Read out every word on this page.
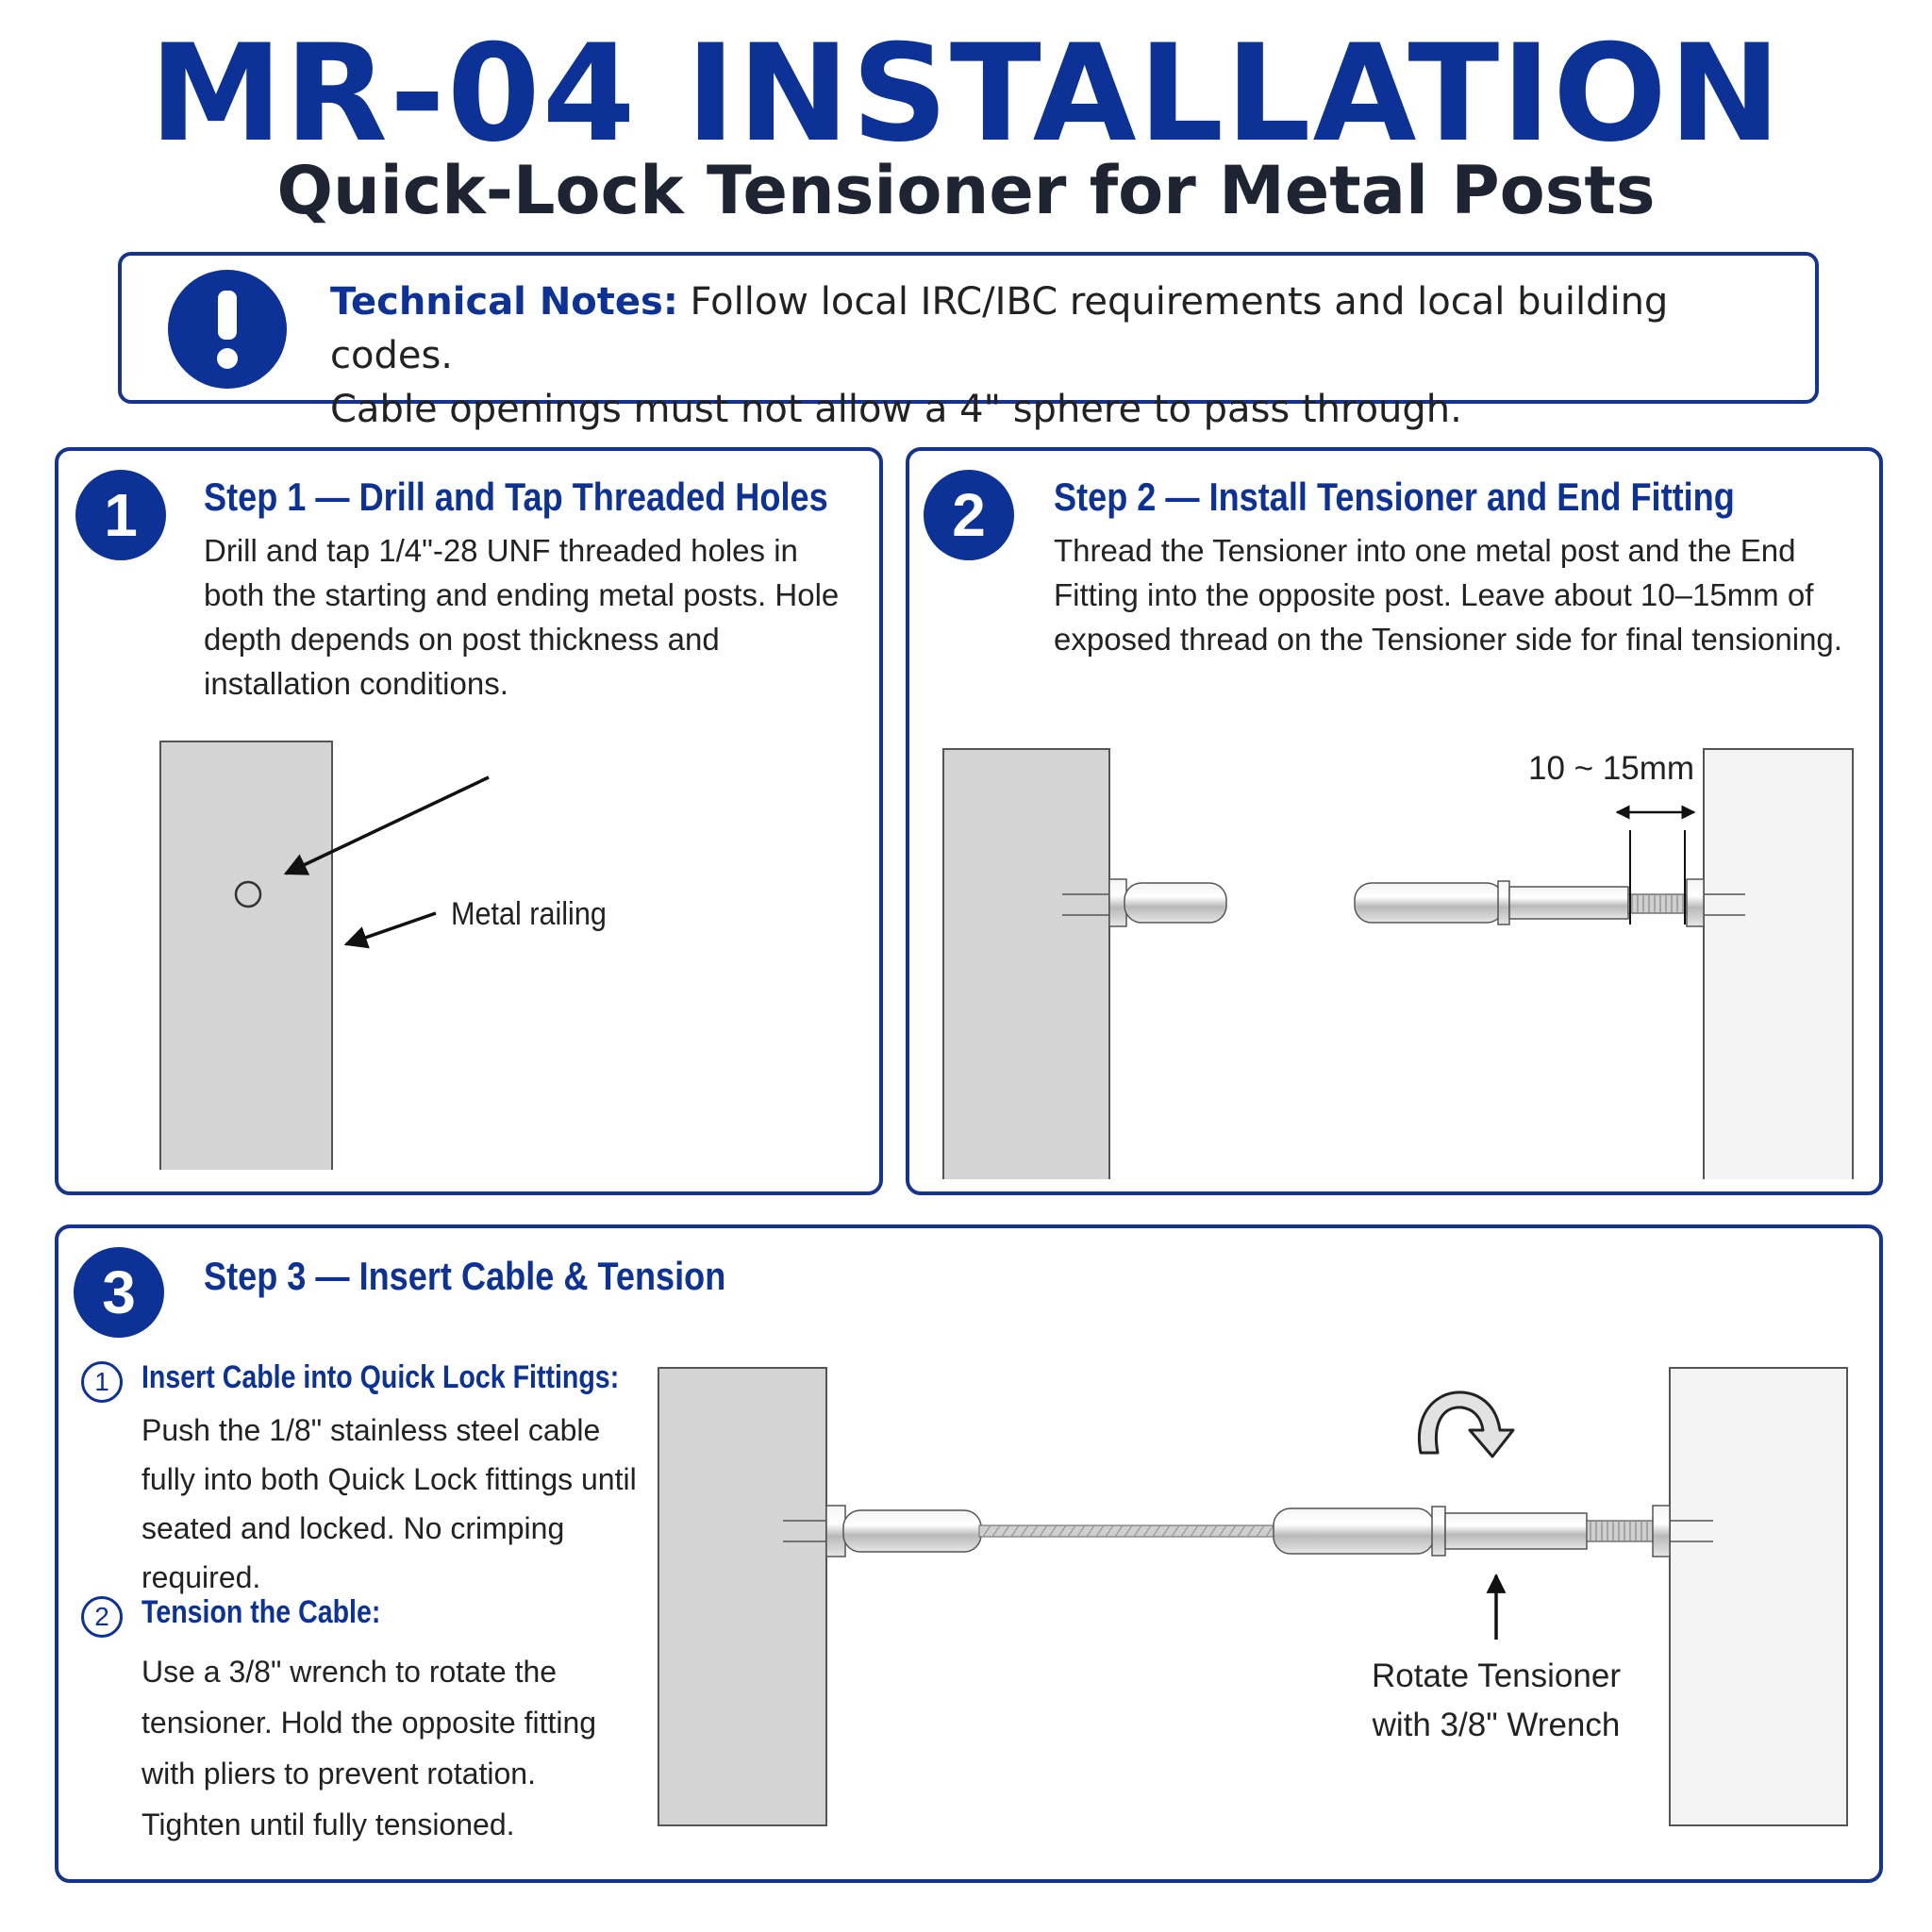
MR-04 INSTALLATION
Quick-Lock Tensioner for Metal Posts
Technical Notes: Follow local IRC/IBC requirements and local building codes.
Cable openings must not allow a 4" sphere to pass through.
1	Step 1 — Drill and Tap Threaded Holes
Drill and tap 1/4"-28 UNF threaded holes in both the starting and ending metal posts. Hole depth depends on post thickness and installation conditions.
Metal railing
2	Step 2 — Install Tensioner and End Fitting
Thread the Tensioner into one metal post and the End Fitting into the opposite post. Leave about 10–15mm of exposed thread on the Tensioner side for final tensioning.
10 ~ 15mm
3	Step 3 — Insert Cable & Tension
1	Insert Cable into Quick Lock Fittings:
Push the 1/8" stainless steel cable fully into both Quick Lock fittings until seated and locked. No crimping required.
2	Tension the Cable:
Use a 3/8" wrench to rotate the tensioner. Hold the opposite fitting with pliers to prevent rotation. Tighten until fully tensioned.
Rotate Tensioner
with 3/8" Wrench
